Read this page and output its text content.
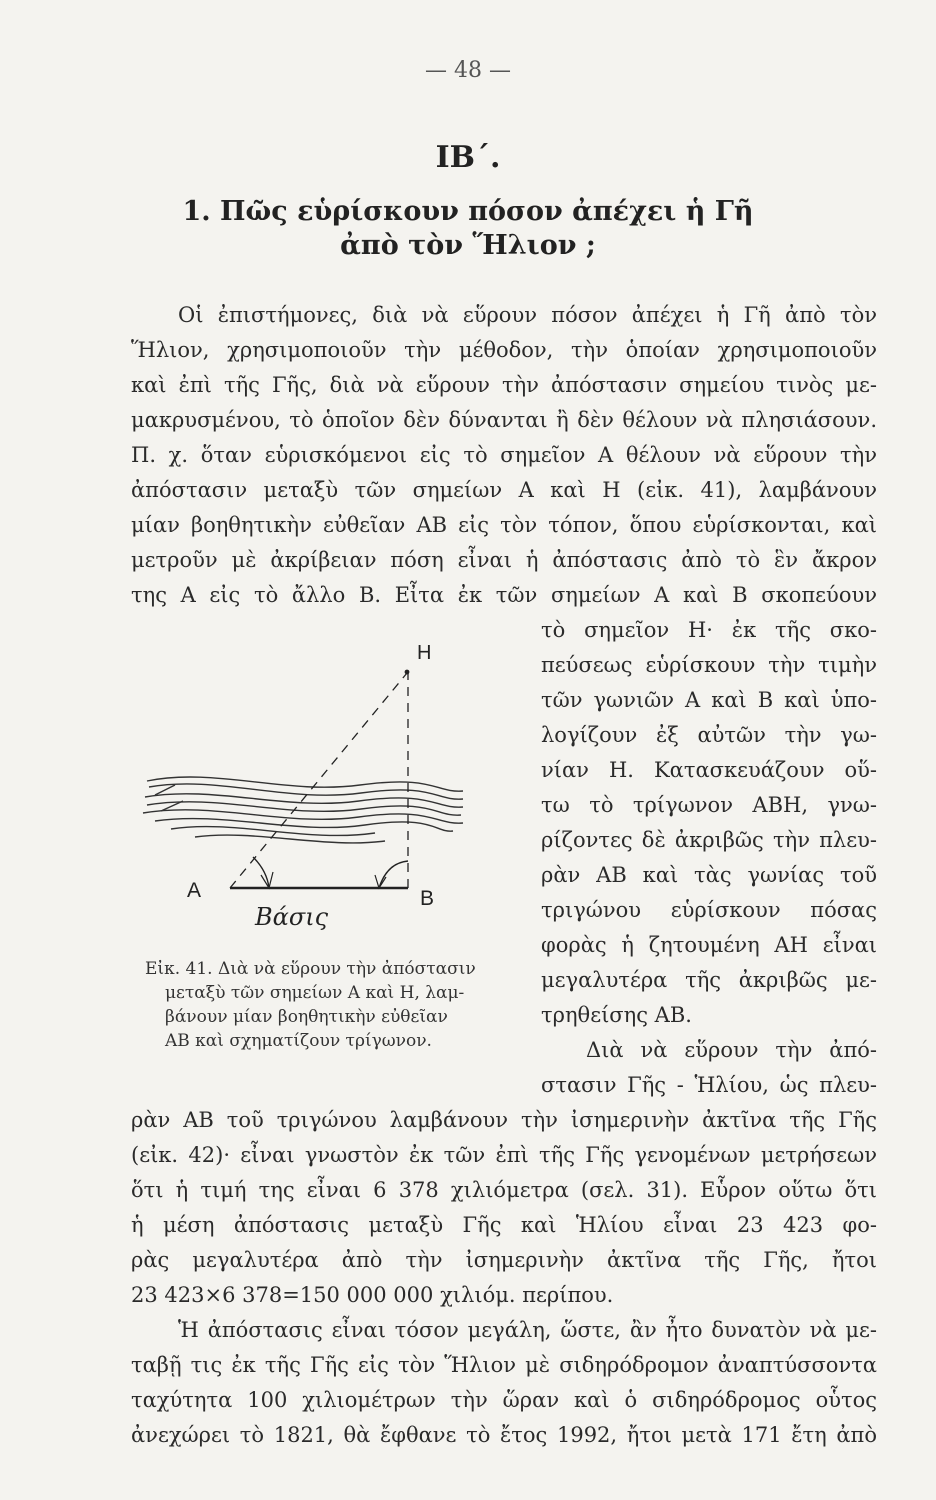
— 48 —
ΙΒ΄.
1. Πῶς εὑρίσκουν πόσον ἀπέχει ἡ Γῆ
ἀπὸ τὸν Ἥλιον ;
Οἱ ἐπιστήμονες, διὰ νὰ εὕρουν πόσον ἀπέχει ἡ Γῆ ἀπὸ τὸν
Ἥλιον, χρησιμοποιοῦν τὴν μέθοδον, τὴν ὁποίαν χρησιμοποιοῦν
καὶ ἐπὶ τῆς Γῆς, διὰ νὰ εὕρουν τὴν ἀπόστασιν σημείου τινὸς με-
μακρυσμένου, τὸ ὁποῖον δὲν δύνανται ἢ δὲν θέλουν νὰ πλησιάσουν.
Π. χ. ὅταν εὑρισκόμενοι εἰς τὸ σημεῖον Α θέλουν νὰ εὕρουν τὴν
ἀπόστασιν μεταξὺ τῶν σημείων Α καὶ Η (εἰκ. 41), λαμβάνουν
μίαν βοηθητικὴν εὐθεῖαν ΑΒ εἰς τὸν τόπον, ὅπου εὑρίσκονται, καὶ
μετροῦν μὲ ἀκρίβειαν πόση εἶναι ἡ ἀπόστασις ἀπὸ τὸ ἓν ἄκρον
της Α εἰς τὸ ἄλλο Β. Εἶτα ἐκ τῶν σημείων Α καὶ Β σκοπεύουν
τὸ σημεῖον Η· ἐκ τῆς σκο-
πεύσεως εὑρίσκουν τὴν τιμὴν
τῶν γωνιῶν Α καὶ Β καὶ ὑπο-
λογίζουν ἐξ αὐτῶν τὴν γω-
νίαν Η. Κατασκευάζουν οὕ-
τω τὸ τρίγωνον ΑΒΗ, γνω-
ρίζοντες δὲ ἀκριβῶς τὴν πλευ-
ρὰν ΑΒ καὶ τὰς γωνίας τοῦ
τριγώνου εὑρίσκουν πόσας
φορὰς ἡ ζητουμένη ΑΗ εἶναι
μεγαλυτέρα τῆς ἀκριβῶς με-
τρηθείσης ΑΒ.
Διὰ νὰ εὕρουν τὴν ἀπό-
στασιν Γῆς - Ἡλίου, ὡς πλευ-
Η
Α	Β
Βάσις
Εἰκ. 41. Διὰ νὰ εὕρουν τὴν ἀπόστασιν
μεταξὺ τῶν σημείων Α καὶ Η, λαμ-
βάνουν μίαν βοηθητικὴν εὐθεῖαν
ΑΒ καὶ σχηματίζουν τρίγωνον.
ρὰν ΑΒ τοῦ τριγώνου λαμβάνουν τὴν ἰσημερινὴν ἀκτῖνα τῆς Γῆς
(εἰκ. 42)· εἶναι γνωστὸν ἐκ τῶν ἐπὶ τῆς Γῆς γενομένων μετρήσεων
ὅτι ἡ τιμή της εἶναι 6 378 χιλιόμετρα (σελ. 31). Εὗρον οὕτω ὅτι
ἡ μέση ἀπόστασις μεταξὺ Γῆς καὶ Ἡλίου εἶναι 23 423 φο-
ρὰς μεγαλυτέρα ἀπὸ τὴν ἰσημερινὴν ἀκτῖνα τῆς Γῆς, ἤτοι
23 423×6 378=150 000 000 χιλιόμ. περίπου.
Ἡ ἀπόστασις εἶναι τόσον μεγάλη, ὥστε, ἂν ἦτο δυνατὸν νὰ με-
ταβῇ τις ἐκ τῆς Γῆς εἰς τὸν Ἥλιον μὲ σιδηρόδρομον ἀναπτύσσοντα
ταχύτητα 100 χιλιομέτρων τὴν ὥραν καὶ ὁ σιδηρόδρομος οὗτος
ἀνεχώρει τὸ 1821, θὰ ἔφθανε τὸ ἔτος 1992, ἤτοι μετὰ 171 ἔτη ἀπὸ
